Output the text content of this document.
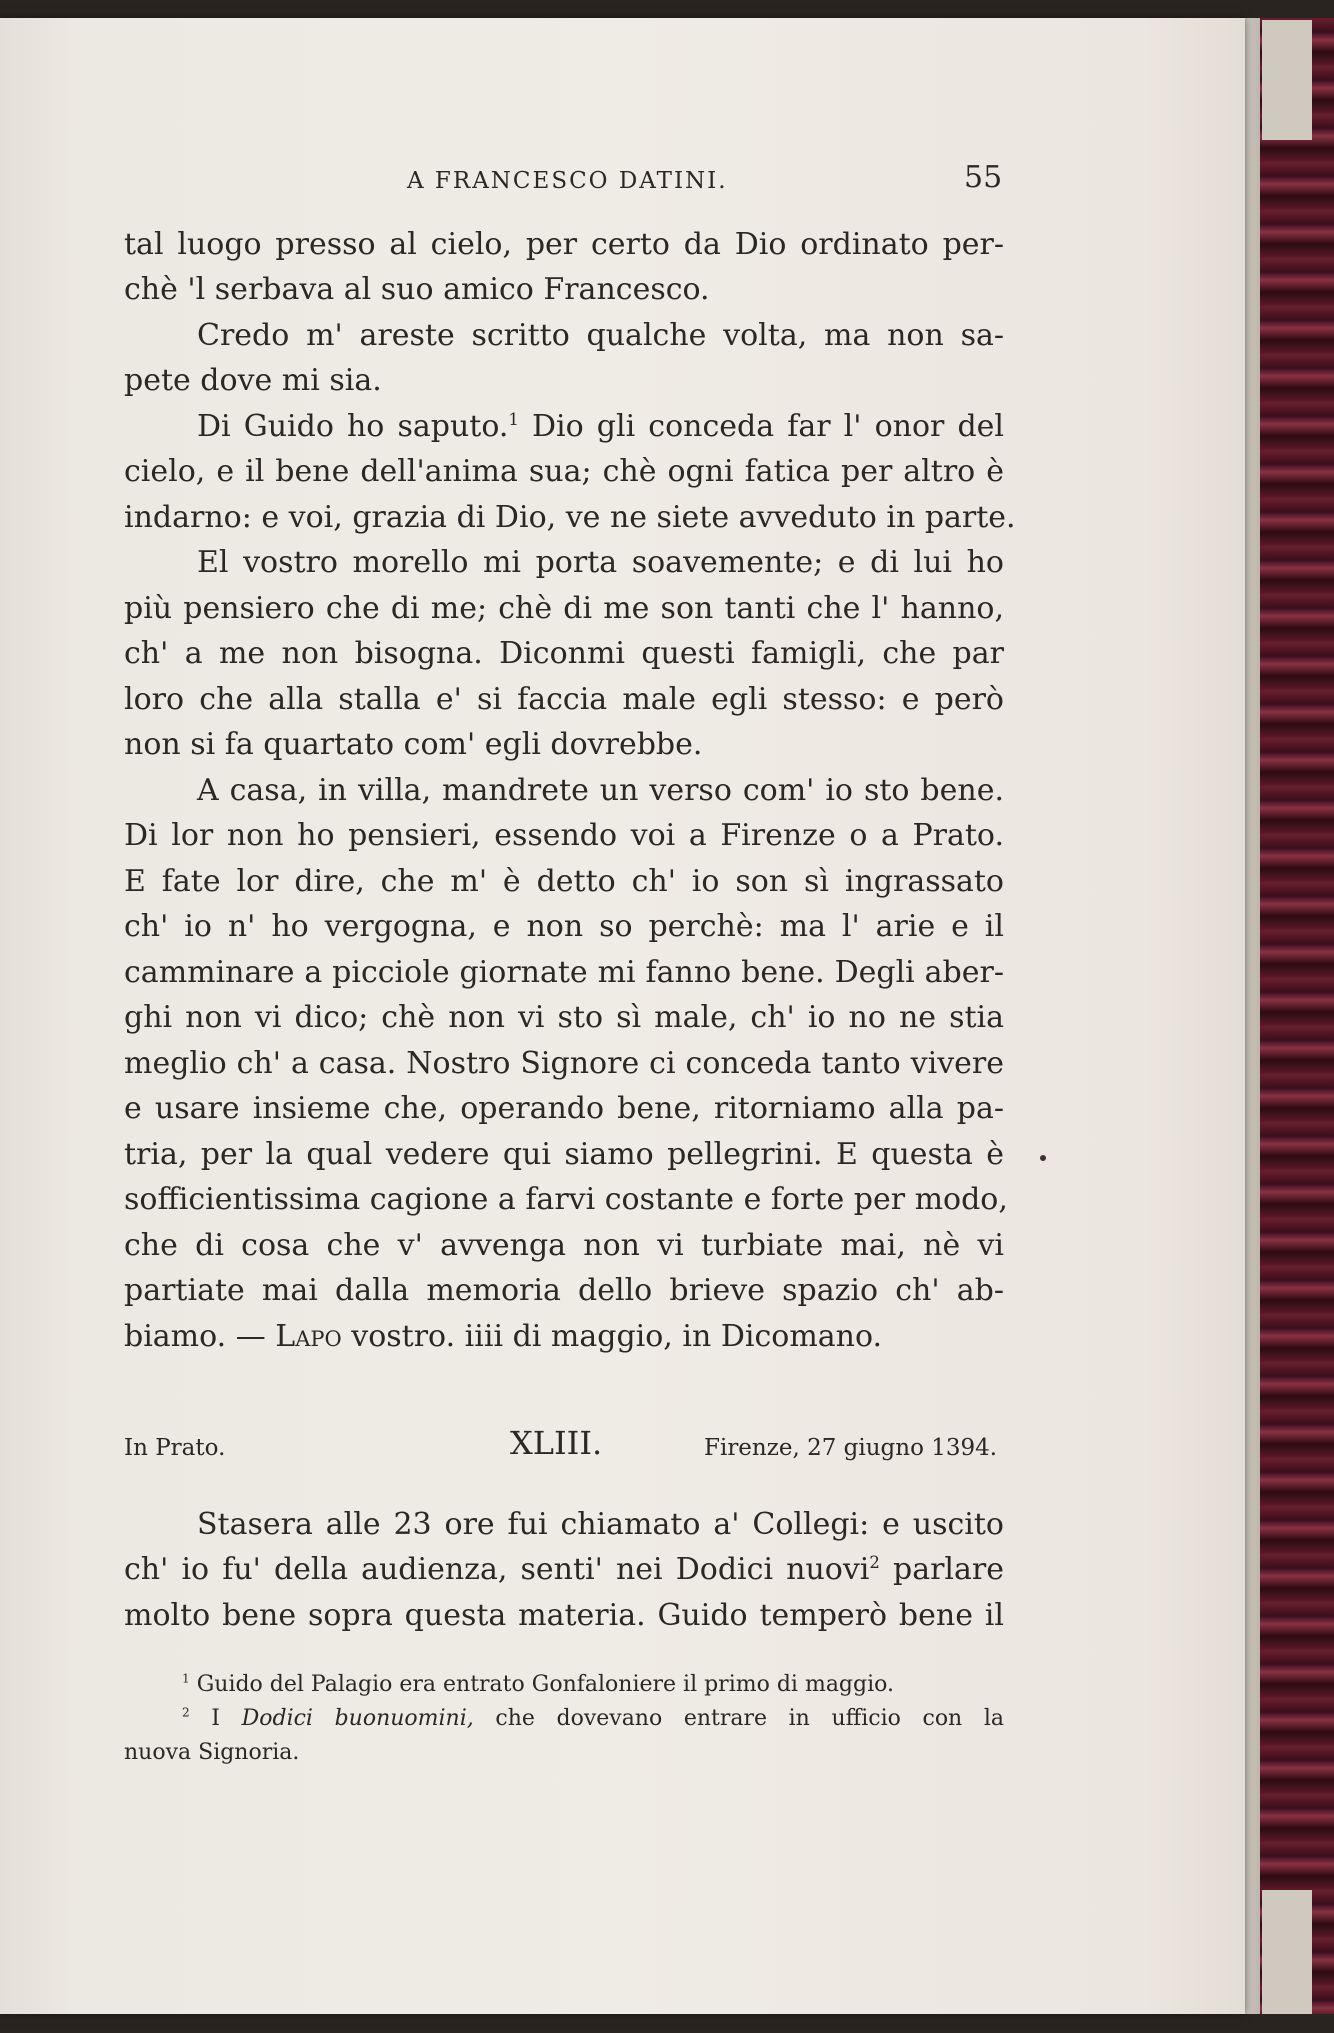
A FRANCESCO DATINI.	55
tal luogo presso al cielo, per certo da Dio ordinato per-
chè 'l serbava al suo amico Francesco.
Credo m' areste scritto qualche volta, ma non sa-
pete dove mi sia.
Di Guido ho saputo.$^1$ Dio gli conceda far l' onor del
cielo, e il bene dell'anima sua; chè ogni fatica per altro è
indarno: e voi, grazia di Dio, ve ne siete avveduto in parte.
El vostro morello mi porta soavemente; e di lui ho
più pensiero che di me; chè di me son tanti che l' hanno,
ch' a me non bisogna. Diconmi questi famigli, che par
loro che alla stalla e' si faccia male egli stesso: e però
non si fa quartato com' egli dovrebbe.
A casa, in villa, mandrete un verso com' io sto bene.
Di lor non ho pensieri, essendo voi a Firenze o a Prato.
E fate lor dire, che m' è detto ch' io son sì ingrassato
ch' io n' ho vergogna, e non so perchè: ma l' arie e il
camminare a picciole giornate mi fanno bene. Degli aber-
ghi non vi dico; chè non vi sto sì male, ch' io no ne stia
meglio ch' a casa. Nostro Signore ci conceda tanto vivere
e usare insieme che, operando bene, ritorniamo alla pa-
tria, per la qual vedere qui siamo pellegrini. E questa è
sofficientissima cagione a farvi costante e forte per modo,
che di cosa che v' avvenga non vi turbiate mai, nè vi
partiate mai dalla memoria dello brieve spazio ch' ab-
biamo. — Lapo vostro. iiii di maggio, in Dicomano.
In Prato.	XLIII.	Firenze, 27 giugno 1394.
Stasera alle 23 ore fui chiamato a' Collegi: e uscito
ch' io fu' della audienza, senti' nei Dodici nuovi$^2$ parlare
molto bene sopra questa materia. Guido temperò bene il
$^1$ Guido del Palagio era entrato Gonfaloniere il primo di maggio.
$^2$ I Dodici buonuomini, che dovevano entrare in ufficio con la
nuova Signoria.
